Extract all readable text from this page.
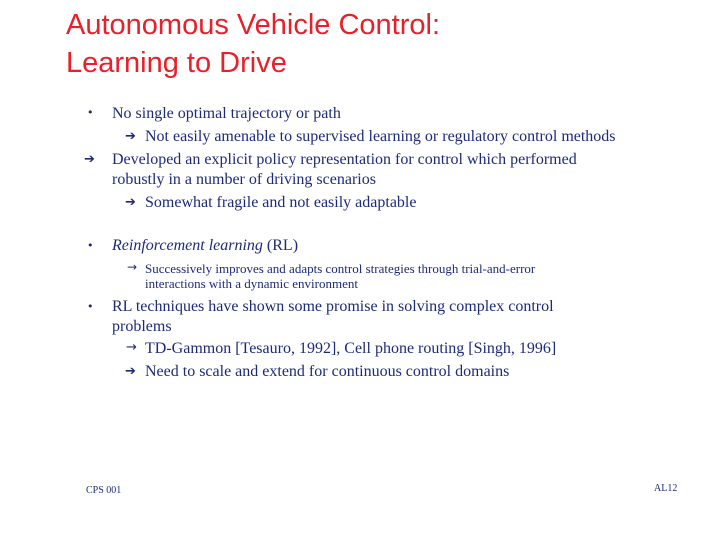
Autonomous Vehicle Control:
Learning to Drive
• No single optimal trajectory or path
➔ Not easily amenable to supervised learning or regulatory control methods
➔ Developed an explicit policy representation for control which performed
robustly in a number of driving scenarios
➔ Somewhat fragile and not easily adaptable
• Reinforcement learning (RL)
→ Successively improves and adapts control strategies through trial-and-error
interactions with a dynamic environment
• RL techniques have shown some promise in solving complex control
problems
→ TD-Gammon [Tesauro, 1992], Cell phone routing [Singh, 1996]
➔ Need to scale and extend for continuous control domains
CPS 001	AL12
